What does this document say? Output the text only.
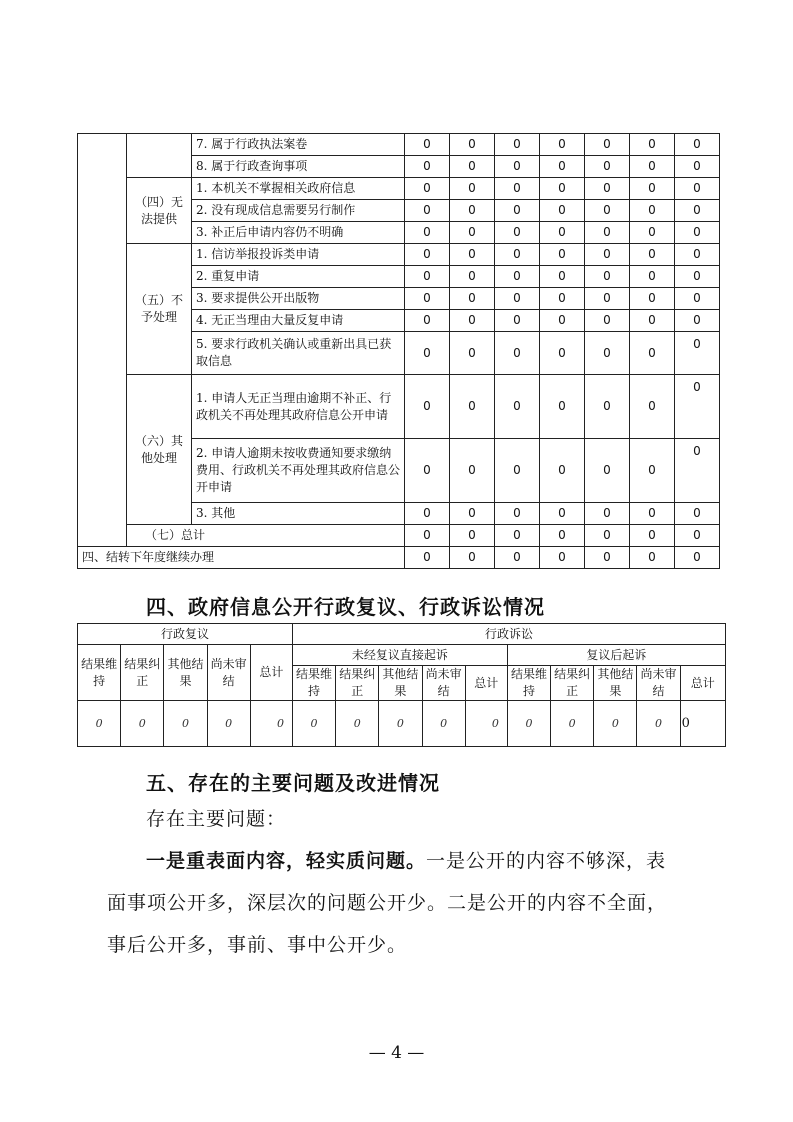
		7. 属于行政执法案卷	0	0	0	0	0	0	0
		8. 属于行政查询事项	0	0	0	0	0	0	0
	（四）无法提供	1. 本机关不掌握相关政府信息	0	0	0	0	0	0	0
		2. 没有现成信息需要另行制作	0	0	0	0	0	0	0
		3. 补正后申请内容仍不明确	0	0	0	0	0	0	0
	（五）不予处理	1. 信访举报投诉类申请	0	0	0	0	0	0	0
		2. 重复申请	0	0	0	0	0	0	0
		3. 要求提供公开出版物	0	0	0	0	0	0	0
		4. 无正当理由大量反复申请	0	0	0	0	0	0	0
		5. 要求行政机关确认或重新出具已获取信息	0	0	0	0	0	0	0
	（六）其他处理	1. 申请人无正当理由逾期不补正、行政机关不再处理其政府信息公开申请	0	0	0	0	0	0	0
		2. 申请人逾期未按收费通知要求缴纳费用、行政机关不再处理其政府信息公开申请	0	0	0	0	0	0	0
		3. 其他	0	0	0	0	0	0	0
	（七）总计		0	0	0	0	0	0	0
四、结转下年度继续办理			0	0	0	0	0	0	0
四、政府信息公开行政复议、行政诉讼情况
行政复议					行政诉讼									
结果维持	结果纠正	其他结果	尚未审结	总计	未经复议直接起诉					复议后起诉				
					结果维持	结果纠正	其他结果	尚未审结	总计	结果维持	结果纠正	其他结果	尚未审结	总计
0	0	0	0	0	0	0	0	0	0	0	0	0	0	0
五、存在的主要问题及改进情况
存在主要问题：
一是重表面内容，轻实质问题。一是公开的内容不够深，表
面事项公开多，深层次的问题公开少。二是公开的内容不全面，
事后公开多，事前、事中公开少。
— 4 —
